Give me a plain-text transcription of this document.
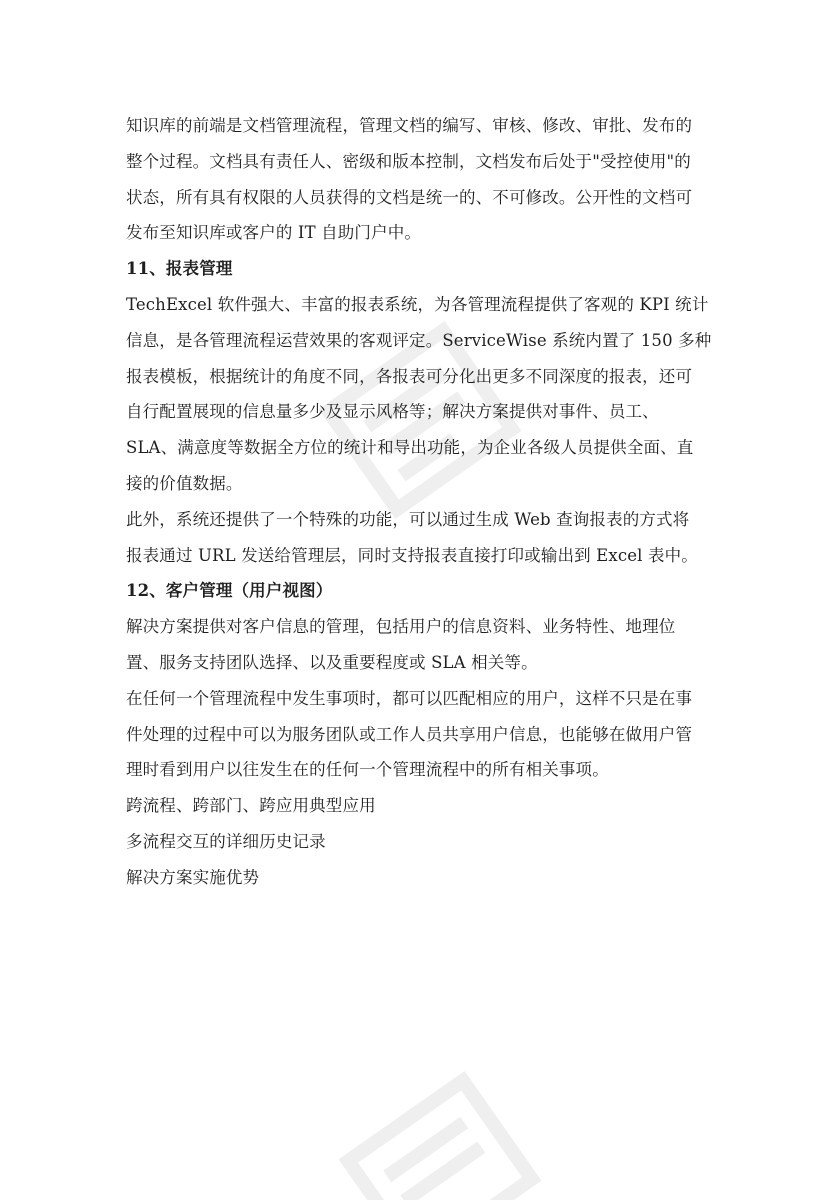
知识库的前端是文档管理流程，管理文档的编写、审核、修改、审批、发布的
整个过程。文档具有责任人、密级和版本控制，文档发布后处于"受控使用"的
状态，所有具有权限的人员获得的文档是统一的、不可修改。公开性的文档可
发布至知识库或客户的 IT 自助门户中。
11、报表管理
TechExcel 软件强大、丰富的报表系统，为各管理流程提供了客观的 KPI 统计
信息，是各管理流程运营效果的客观评定。ServiceWise 系统内置了 150 多种
报表模板，根据统计的角度不同，各报表可分化出更多不同深度的报表，还可
自行配置展现的信息量多少及显示风格等；解决方案提供对事件、员工、
SLA、满意度等数据全方位的统计和导出功能，为企业各级人员提供全面、直
接的价值数据。
此外，系统还提供了一个特殊的功能，可以通过生成 Web 查询报表的方式将
报表通过 URL 发送给管理层，同时支持报表直接打印或输出到 Excel 表中。
12、客户管理（用户视图）
解决方案提供对客户信息的管理，包括用户的信息资料、业务特性、地理位
置、服务支持团队选择、以及重要程度或 SLA 相关等。
在任何一个管理流程中发生事项时，都可以匹配相应的用户，这样不只是在事
件处理的过程中可以为服务团队或工作人员共享用户信息，也能够在做用户管
理时看到用户以往发生在的任何一个管理流程中的所有相关事项。
跨流程、跨部门、跨应用典型应用
多流程交互的详细历史记录
解决方案实施优势
